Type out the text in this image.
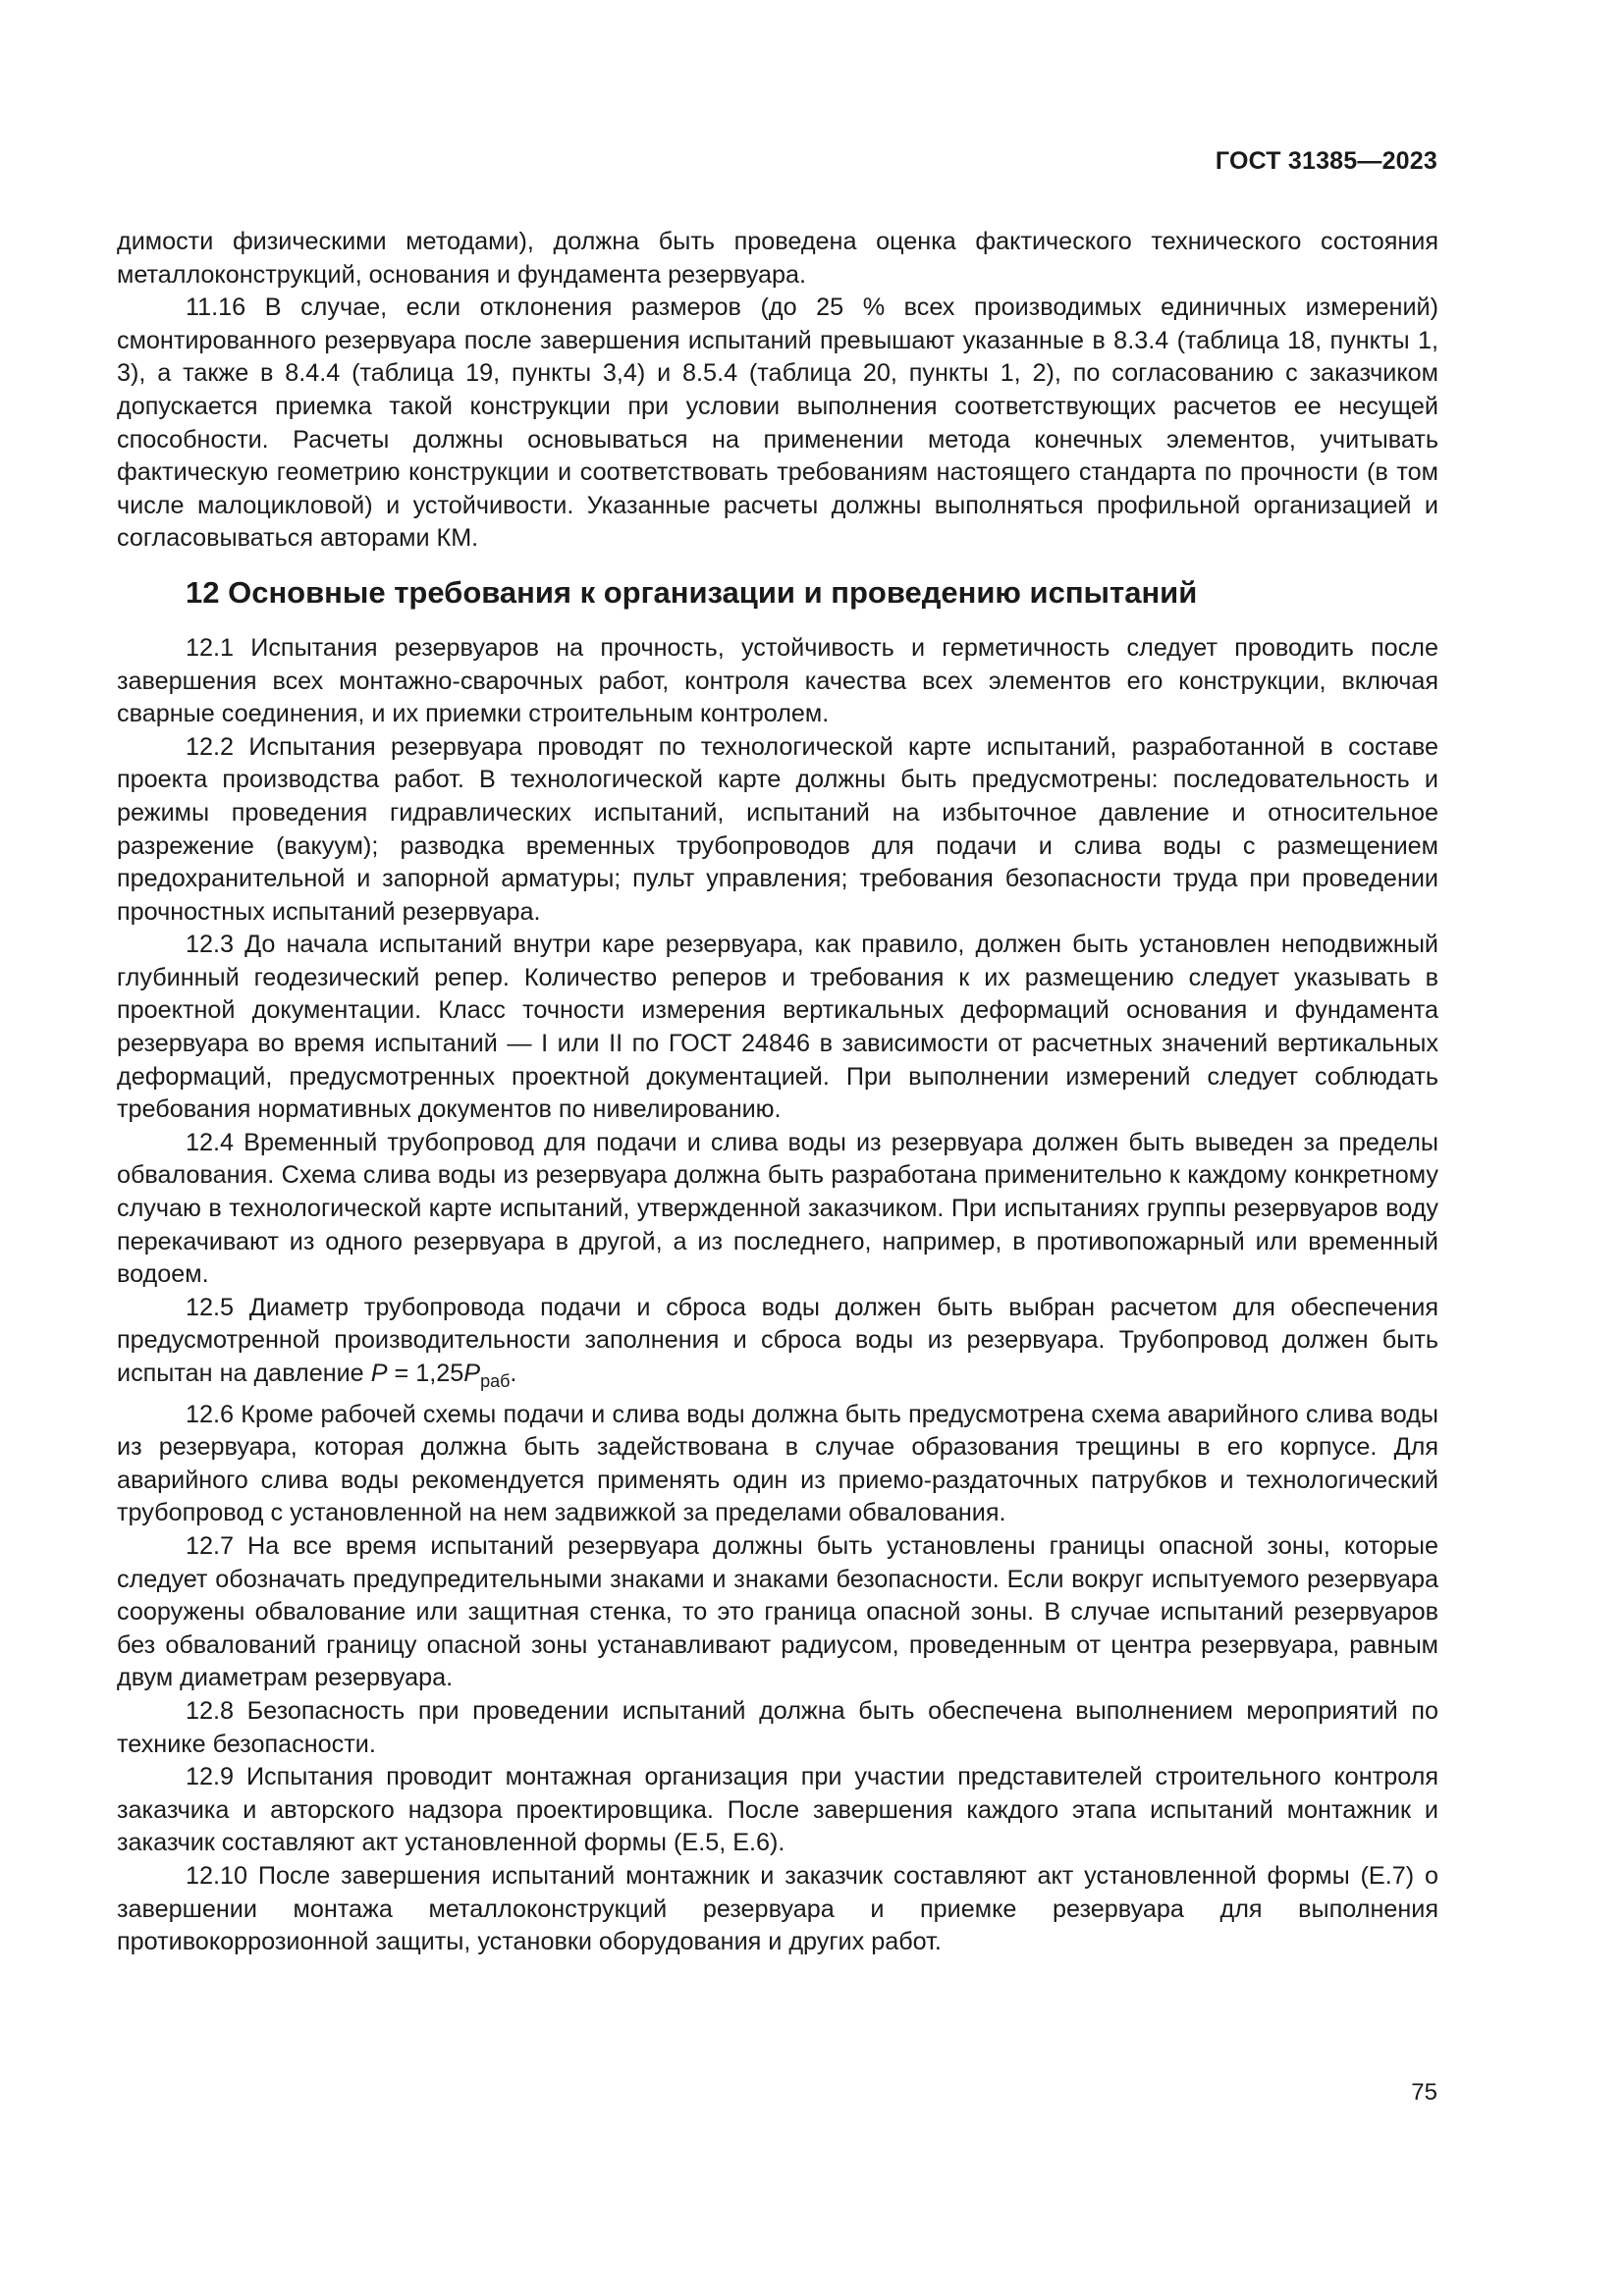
ГОСТ 31385—2023

димости физическими методами), должна быть проведена оценка фактического технического состояния металлоконструкций, основания и фундамента резервуара.

11.16 В случае, если отклонения размеров (до 25 % всех производимых единичных измерений) смонтированного резервуара после завершения испытаний превышают указанные в 8.3.4 (таблица 18, пункты 1, 3), а также в 8.4.4 (таблица 19, пункты 3,4) и 8.5.4 (таблица 20, пункты 1, 2), по согласованию с заказчиком допускается приемка такой конструкции при условии выполнения соответствующих расчетов ее несущей способности. Расчеты должны основываться на применении метода конечных элементов, учитывать фактическую геометрию конструкции и соответствовать требованиям настоящего стандарта по прочности (в том числе малоцикловой) и устойчивости. Указанные расчеты должны выполняться профильной организацией и согласовываться авторами КМ.

12 Основные требования к организации и проведению испытаний

12.1 Испытания резервуаров на прочность, устойчивость и герметичность следует проводить после завершения всех монтажно-сварочных работ, контроля качества всех элементов его конструкции, включая сварные соединения, и их приемки строительным контролем.

12.2 Испытания резервуара проводят по технологической карте испытаний, разработанной в составе проекта производства работ. В технологической карте должны быть предусмотрены: последовательность и режимы проведения гидравлических испытаний, испытаний на избыточное давление и относительное разрежение (вакуум); разводка временных трубопроводов для подачи и слива воды с размещением предохранительной и запорной арматуры; пульт управления; требования безопасности труда при проведении прочностных испытаний резервуара.

12.3 До начала испытаний внутри каре резервуара, как правило, должен быть установлен неподвижный глубинный геодезический репер. Количество реперов и требования к их размещению следует указывать в проектной документации. Класс точности измерения вертикальных деформаций основания и фундамента резервуара во время испытаний — I или II по ГОСТ 24846 в зависимости от расчетных значений вертикальных деформаций, предусмотренных проектной документацией. При выполнении измерений следует соблюдать требования нормативных документов по нивелированию.

12.4 Временный трубопровод для подачи и слива воды из резервуара должен быть выведен за пределы обвалования. Схема слива воды из резервуара должна быть разработана применительно к каждому конкретному случаю в технологической карте испытаний, утвержденной заказчиком. При испытаниях группы резервуаров воду перекачивают из одного резервуара в другой, а из последнего, например, в противопожарный или временный водоем.

12.5 Диаметр трубопровода подачи и сброса воды должен быть выбран расчетом для обеспечения предусмотренной производительности заполнения и сброса воды из резервуара. Трубопровод должен быть испытан на давление $P = 1,25P_{раб}$.

12.6 Кроме рабочей схемы подачи и слива воды должна быть предусмотрена схема аварийного слива воды из резервуара, которая должна быть задействована в случае образования трещины в его корпусе. Для аварийного слива воды рекомендуется применять один из приемо-раздаточных патрубков и технологический трубопровод с установленной на нем задвижкой за пределами обвалования.

12.7 На все время испытаний резервуара должны быть установлены границы опасной зоны, которые следует обозначать предупредительными знаками и знаками безопасности. Если вокруг испытуемого резервуара сооружены обвалование или защитная стенка, то это граница опасной зоны. В случае испытаний резервуаров без обвалований границу опасной зоны устанавливают радиусом, проведенным от центра резервуара, равным двум диаметрам резервуара.

12.8 Безопасность при проведении испытаний должна быть обеспечена выполнением мероприятий по технике безопасности.

12.9 Испытания проводит монтажная организация при участии представителей строительного контроля заказчика и авторского надзора проектировщика. После завершения каждого этапа испытаний монтажник и заказчик составляют акт установленной формы (Е.5, Е.6).

12.10 После завершения испытаний монтажник и заказчик составляют акт установленной формы (Е.7) о завершении монтажа металлоконструкций резервуара и приемке резервуара для выполнения противокоррозионной защиты, установки оборудования и других работ.

75
